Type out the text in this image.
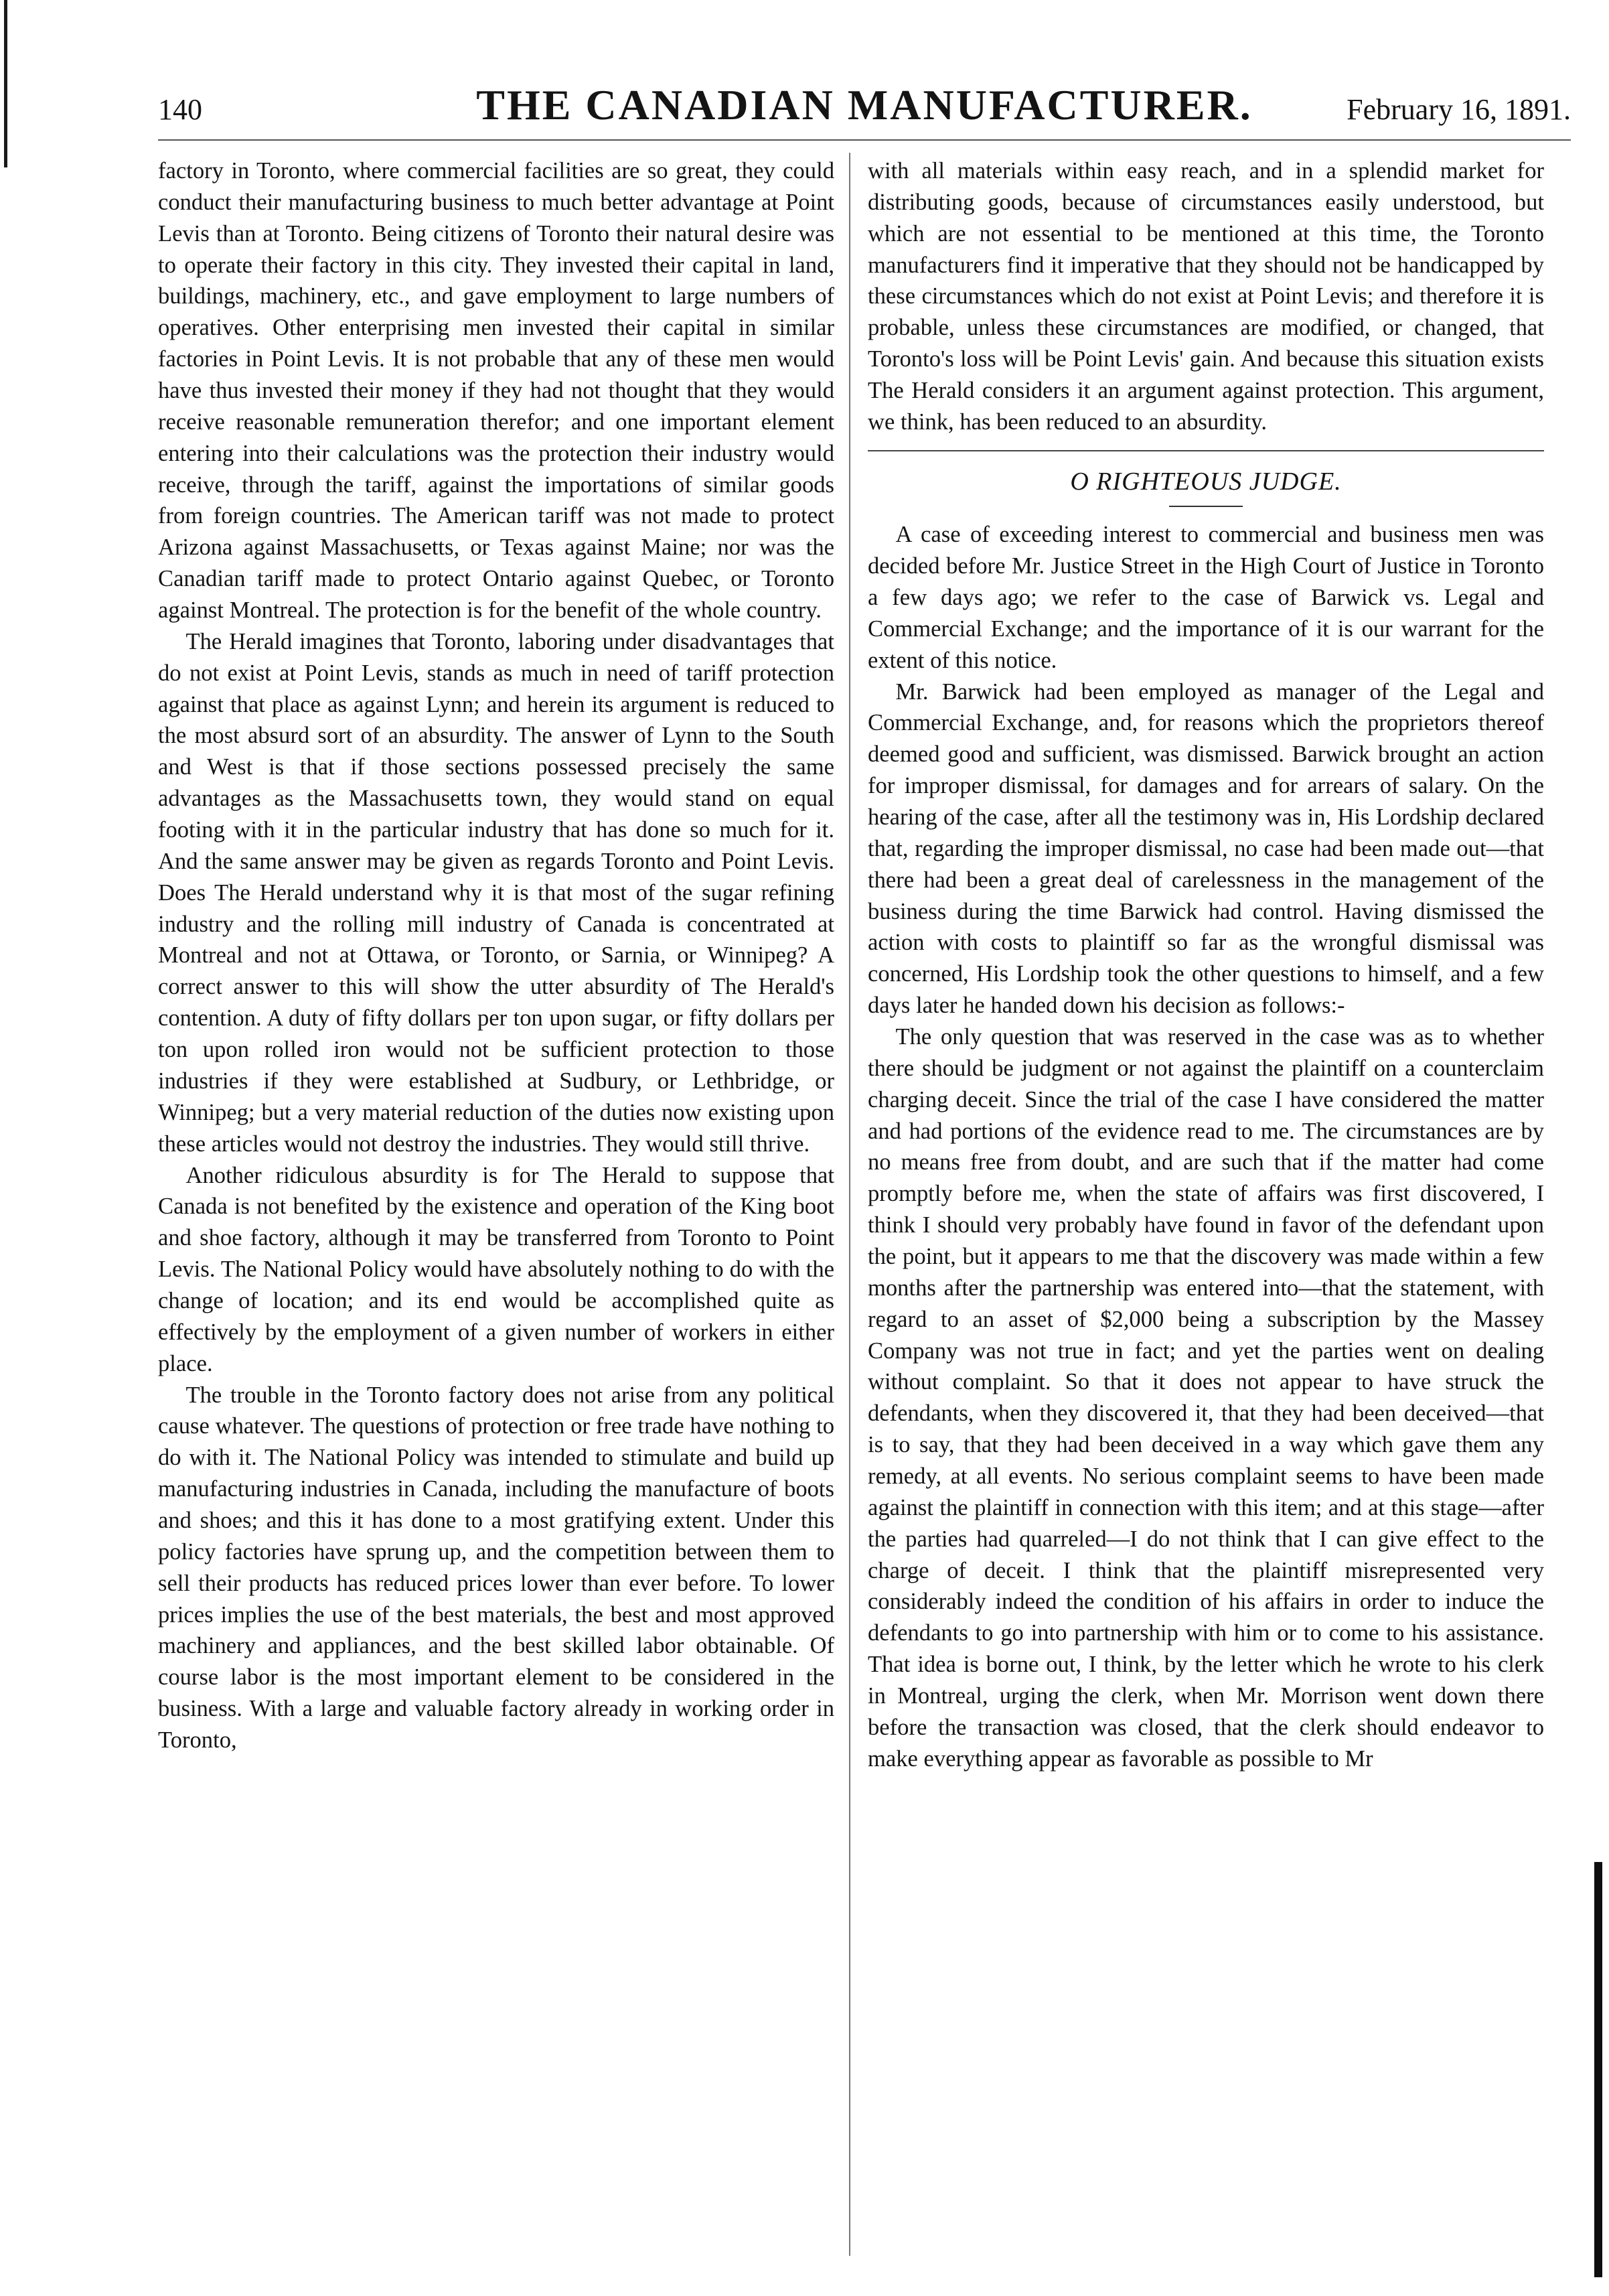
140	THE CANADIAN MANUFACTURER.	February 16, 1891.

factory in Toronto, where commercial facilities are so great, they could conduct their manufacturing business to much better advantage at Point Levis than at Toronto. Being citizens of Toronto their natural desire was to operate their factory in this city. They invested their capital in land, buildings, machinery, etc., and gave employment to large numbers of operatives. Other enterprising men invested their capital in similar factories in Point Levis. It is not probable that any of these men would have thus invested their money if they had not thought that they would receive reasonable remuneration therefor; and one important element entering into their calculations was the protection their industry would receive, through the tariff, against the importations of similar goods from foreign countries. The American tariff was not made to protect Arizona against Massachusetts, or Texas against Maine; nor was the Canadian tariff made to protect Ontario against Quebec, or Toronto against Montreal. The protection is for the benefit of the whole country.

The Herald imagines that Toronto, laboring under disadvantages that do not exist at Point Levis, stands as much in need of tariff protection against that place as against Lynn; and herein its argument is reduced to the most absurd sort of an absurdity. The answer of Lynn to the South and West is that if those sections possessed precisely the same advantages as the Massachusetts town, they would stand on equal footing with it in the particular industry that has done so much for it. And the same answer may be given as regards Toronto and Point Levis. Does The Herald understand why it is that most of the sugar refining industry and the rolling mill industry of Canada is concentrated at Montreal and not at Ottawa, or Toronto, or Sarnia, or Winnipeg? A correct answer to this will show the utter absurdity of The Herald's contention. A duty of fifty dollars per ton upon sugar, or fifty dollars per ton upon rolled iron would not be sufficient protection to those industries if they were established at Sudbury, or Lethbridge, or Winnipeg; but a very material reduction of the duties now existing upon these articles would not destroy the industries. They would still thrive.

Another ridiculous absurdity is for The Herald to suppose that Canada is not benefited by the existence and operation of the King boot and shoe factory, although it may be transferred from Toronto to Point Levis. The National Policy would have absolutely nothing to do with the change of location; and its end would be accomplished quite as effectively by the employment of a given number of workers in either place.

The trouble in the Toronto factory does not arise from any political cause whatever. The questions of protection or free trade have nothing to do with it. The National Policy was intended to stimulate and build up manufacturing industries in Canada, including the manufacture of boots and shoes; and this it has done to a most gratifying extent. Under this policy factories have sprung up, and the competition between them to sell their products has reduced prices lower than ever before. To lower prices implies the use of the best materials, the best and most approved machinery and appliances, and the best skilled labor obtainable. Of course labor is the most important element to be considered in the business. With a large and valuable factory already in working order in Toronto,

with all materials within easy reach, and in a splendid market for distributing goods, because of circumstances easily understood, but which are not essential to be mentioned at this time, the Toronto manufacturers find it imperative that they should not be handicapped by these circumstances which do not exist at Point Levis; and therefore it is probable, unless these circumstances are modified, or changed, that Toronto's loss will be Point Levis' gain. And because this situation exists The Herald considers it an argument against protection. This argument, we think, has been reduced to an absurdity.

O RIGHTEOUS JUDGE.

A case of exceeding interest to commercial and business men was decided before Mr. Justice Street in the High Court of Justice in Toronto a few days ago; we refer to the case of Barwick vs. Legal and Commercial Exchange; and the importance of it is our warrant for the extent of this notice.

Mr. Barwick had been employed as manager of the Legal and Commercial Exchange, and, for reasons which the proprietors thereof deemed good and sufficient, was dismissed. Barwick brought an action for improper dismissal, for damages and for arrears of salary. On the hearing of the case, after all the testimony was in, His Lordship declared that, regarding the improper dismissal, no case had been made out—that there had been a great deal of carelessness in the management of the business during the time Barwick had control. Having dismissed the action with costs to plaintiff so far as the wrongful dismissal was concerned, His Lordship took the other questions to himself, and a few days later he handed down his decision as follows:-

The only question that was reserved in the case was as to whether there should be judgment or not against the plaintiff on a counterclaim charging deceit. Since the trial of the case I have considered the matter and had portions of the evidence read to me. The circumstances are by no means free from doubt, and are such that if the matter had come promptly before me, when the state of affairs was first discovered, I think I should very probably have found in favor of the defendant upon the point, but it appears to me that the discovery was made within a few months after the partnership was entered into—that the statement, with regard to an asset of $2,000 being a subscription by the Massey Company was not true in fact; and yet the parties went on dealing without complaint. So that it does not appear to have struck the defendants, when they discovered it, that they had been deceived—that is to say, that they had been deceived in a way which gave them any remedy, at all events. No serious complaint seems to have been made against the plaintiff in connection with this item; and at this stage—after the parties had quarreled—I do not think that I can give effect to the charge of deceit. I think that the plaintiff misrepresented very considerably indeed the condition of his affairs in order to induce the defendants to go into partnership with him or to come to his assistance. That idea is borne out, I think, by the letter which he wrote to his clerk in Montreal, urging the clerk, when Mr. Morrison went down there before the transaction was closed, that the clerk should endeavor to make everything appear as favorable as possible to Mr
